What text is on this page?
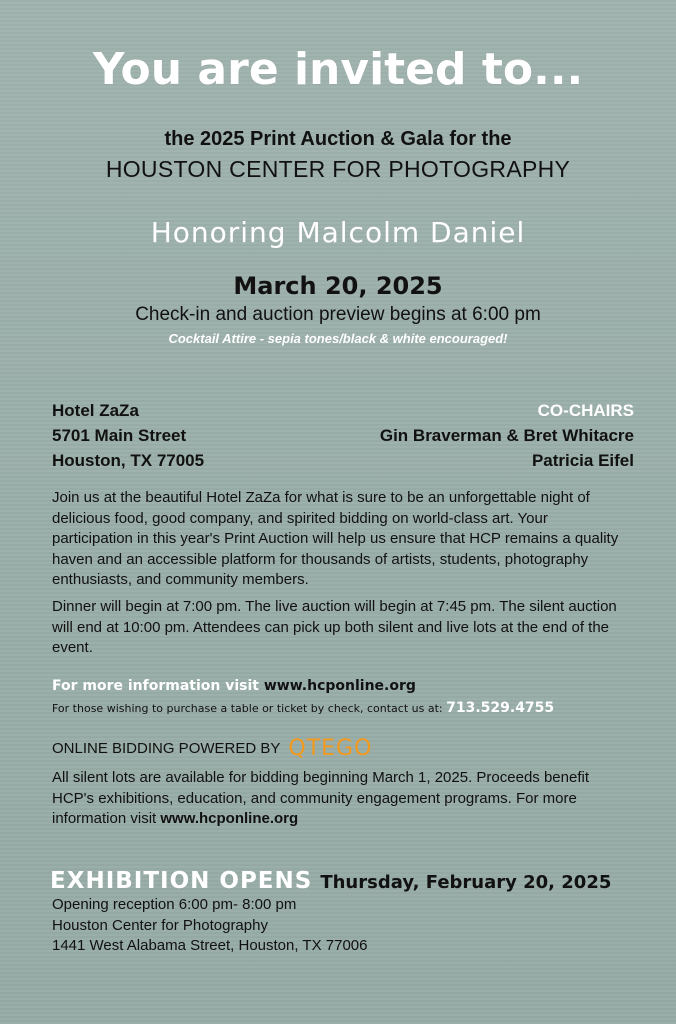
You are invited to...
the 2025 Print Auction & Gala for the
HOUSTON CENTER FOR PHOTOGRAPHY
Honoring Malcolm Daniel
March 20, 2025
Check-in and auction preview begins at 6:00 pm
Cocktail Attire - sepia tones/black & white encouraged!
Hotel ZaZa
5701 Main Street
Houston, TX 77005
CO-CHAIRS
Gin Braverman & Bret Whitacre
Patricia Eifel
Join us at the beautiful Hotel ZaZa for what is sure to be an unforgettable night of delicious food, good company, and spirited bidding on world-class art. Your participation in this year's Print Auction will help us ensure that HCP remains a quality haven and an accessible platform for thousands of artists, students, photography enthusiasts, and community members.
Dinner will begin at 7:00 pm. The live auction will begin at 7:45 pm. The silent auction will end at 10:00 pm. Attendees can pick up both silent and live lots at the end of the event.
For more information visit www.hcponline.org
For those wishing to purchase a table or ticket by check, contact us at: 713.529.4755
ONLINE BIDDING POWERED BY QTEGO
All silent lots are available for bidding beginning March 1, 2025. Proceeds benefit HCP's exhibitions, education, and community engagement programs. For more information visit www.hcponline.org
EXHIBITION OPENS Thursday, February 20, 2025
Opening reception 6:00 pm- 8:00 pm
Houston Center for Photography
1441 West Alabama Street, Houston, TX 77006
